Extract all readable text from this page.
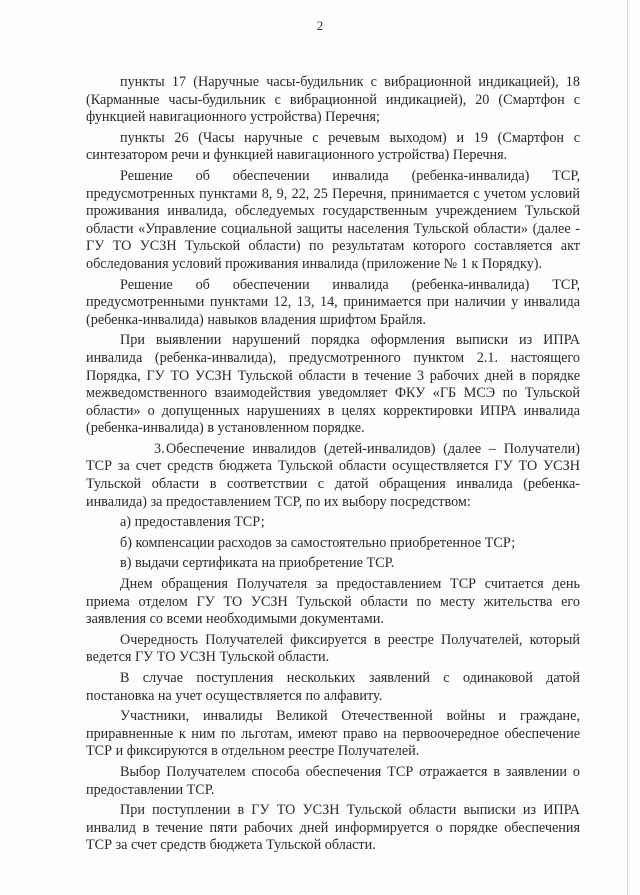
2

пункты 17 (Наручные часы-будильник с вибрационной индикацией), 18 (Карманные часы-будильник с вибрационной индикацией), 20 (Смартфон с функцией навигационного устройства) Перечня;

пункты 26 (Часы наручные с речевым выходом) и 19 (Смартфон с синтезатором речи и функцией навигационного устройства) Перечня.

Решение об обеспечении инвалида (ребенка-инвалида) ТСР, предусмотренных пунктами 8, 9, 22, 25 Перечня, принимается с учетом условий проживания инвалида, обследуемых государственным учреждением Тульской области «Управление социальной защиты населения Тульской области» (далее - ГУ ТО УСЗН Тульской области) по результатам которого составляется акт обследования условий проживания инвалида (приложение № 1 к Порядку).

Решение об обеспечении инвалида (ребенка-инвалида) ТСР, предусмотренными пунктами 12, 13, 14, принимается при наличии у инвалида (ребенка-инвалида) навыков владения шрифтом Брайля.

При выявлении нарушений порядка оформления выписки из ИПРА инвалида (ребенка-инвалида), предусмотренного пунктом 2.1. настоящего Порядка, ГУ ТО УСЗН Тульской области в течение 3 рабочих дней в порядке межведомственного взаимодействия уведомляет ФКУ «ГБ МСЭ по Тульской области» о допущенных нарушениях в целях корректировки ИПРА инвалида (ребенка-инвалида) в установленном порядке.

3.Обеспечение инвалидов (детей-инвалидов) (далее – Получатели) ТСР за счет средств бюджета Тульской области осуществляется ГУ ТО УСЗН Тульской области в соответствии с датой обращения инвалида (ребенка-инвалида) за предоставлением ТСР, по их выбору посредством:

а) предоставления ТСР;

б) компенсации расходов за самостоятельно приобретенное ТСР;

в) выдачи сертификата на приобретение ТСР.

Днем обращения Получателя за предоставлением ТСР считается день приема отделом ГУ ТО УСЗН Тульской области по месту жительства его заявления со всеми необходимыми документами.

Очередность Получателей фиксируется в реестре Получателей, который ведется ГУ ТО УСЗН Тульской области.

В случае поступления нескольких заявлений с одинаковой датой постановка на учет осуществляется по алфавиту.

Участники, инвалиды Великой Отечественной войны и граждане, приравненные к ним по льготам, имеют право на первоочередное обеспечение ТСР и фиксируются в отдельном реестре Получателей.

Выбор Получателем способа обеспечения ТСР отражается в заявлении о предоставлении ТСР.

При поступлении в ГУ ТО УСЗН Тульской области выписки из ИПРА инвалид в течение пяти рабочих дней информируется о порядке обеспечения ТСР за счет средств бюджета Тульской области.
